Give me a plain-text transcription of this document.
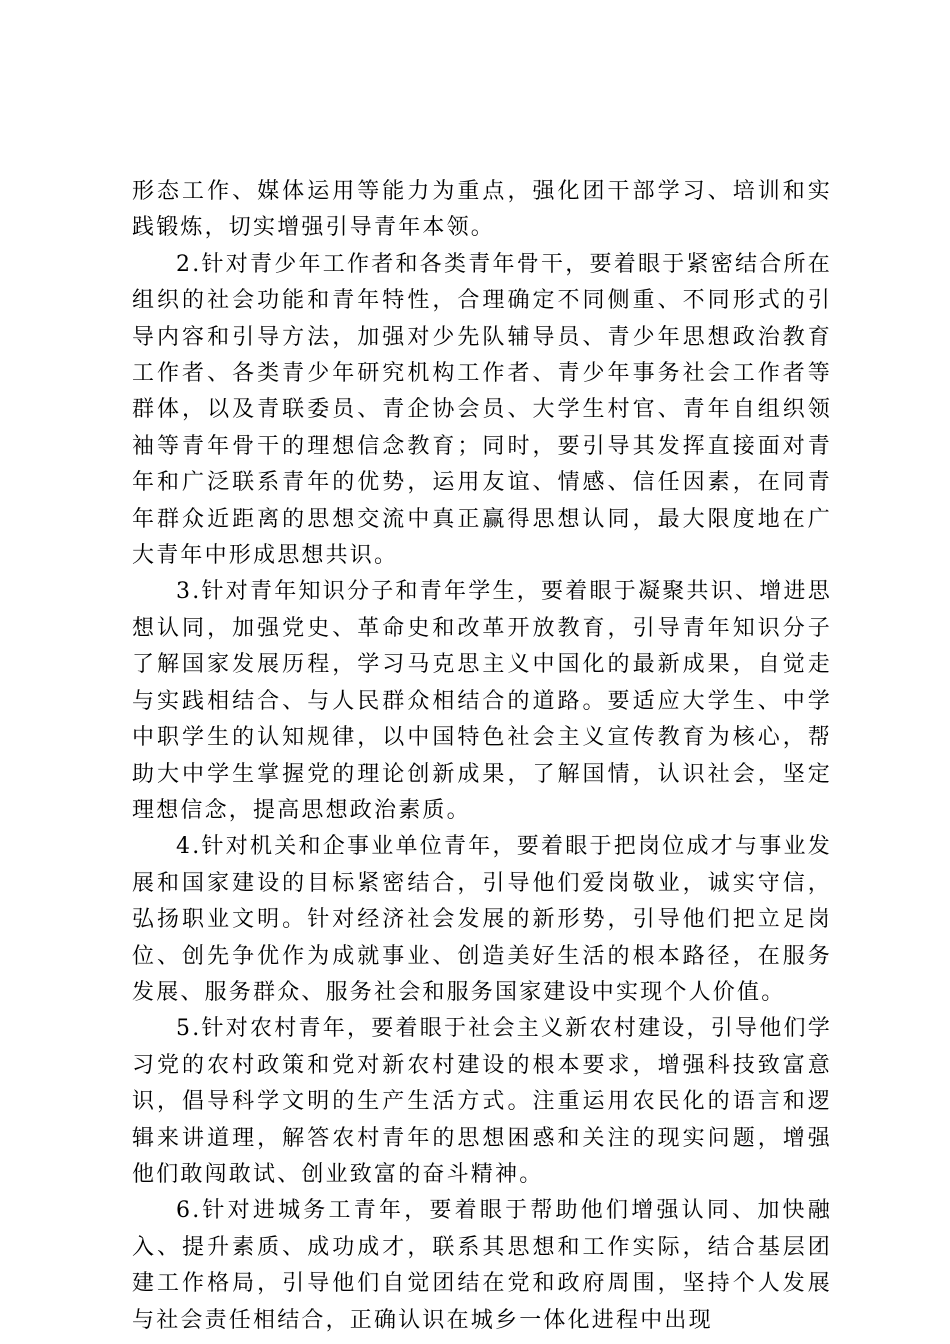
形态工作、媒体运用等能力为重点，强化团干部学习、培训和实践锻炼，切实增强引导青年本领。

2.针对青少年工作者和各类青年骨干，要着眼于紧密结合所在组织的社会功能和青年特性，合理确定不同侧重、不同形式的引导内容和引导方法，加强对少先队辅导员、青少年思想政治教育工作者、各类青少年研究机构工作者、青少年事务社会工作者等群体，以及青联委员、青企协会员、大学生村官、青年自组织领袖等青年骨干的理想信念教育；同时，要引导其发挥直接面对青年和广泛联系青年的优势，运用友谊、情感、信任因素，在同青年群众近距离的思想交流中真正赢得思想认同，最大限度地在广大青年中形成思想共识。

3.针对青年知识分子和青年学生，要着眼于凝聚共识、增进思想认同，加强党史、革命史和改革开放教育，引导青年知识分子了解国家发展历程，学习马克思主义中国化的最新成果，自觉走与实践相结合、与人民群众相结合的道路。要适应大学生、中学中职学生的认知规律，以中国特色社会主义宣传教育为核心，帮助大中学生掌握党的理论创新成果，了解国情，认识社会，坚定理想信念，提高思想政治素质。

4.针对机关和企事业单位青年，要着眼于把岗位成才与事业发展和国家建设的目标紧密结合，引导他们爱岗敬业，诚实守信，弘扬职业文明。针对经济社会发展的新形势，引导他们把立足岗位、创先争优作为成就事业、创造美好生活的根本路径，在服务发展、服务群众、服务社会和服务国家建设中实现个人价值。

5.针对农村青年，要着眼于社会主义新农村建设，引导他们学习党的农村政策和党对新农村建设的根本要求，增强科技致富意识，倡导科学文明的生产生活方式。注重运用农民化的语言和逻辑来讲道理，解答农村青年的思想困惑和关注的现实问题，增强他们敢闯敢试、创业致富的奋斗精神。

6.针对进城务工青年，要着眼于帮助他们增强认同、加快融入、提升素质、成功成才，联系其思想和工作实际，结合基层团建工作格局，引导他们自觉团结在党和政府周围，坚持个人发展与社会责任相结合，正确认识在城乡一体化进程中出现
